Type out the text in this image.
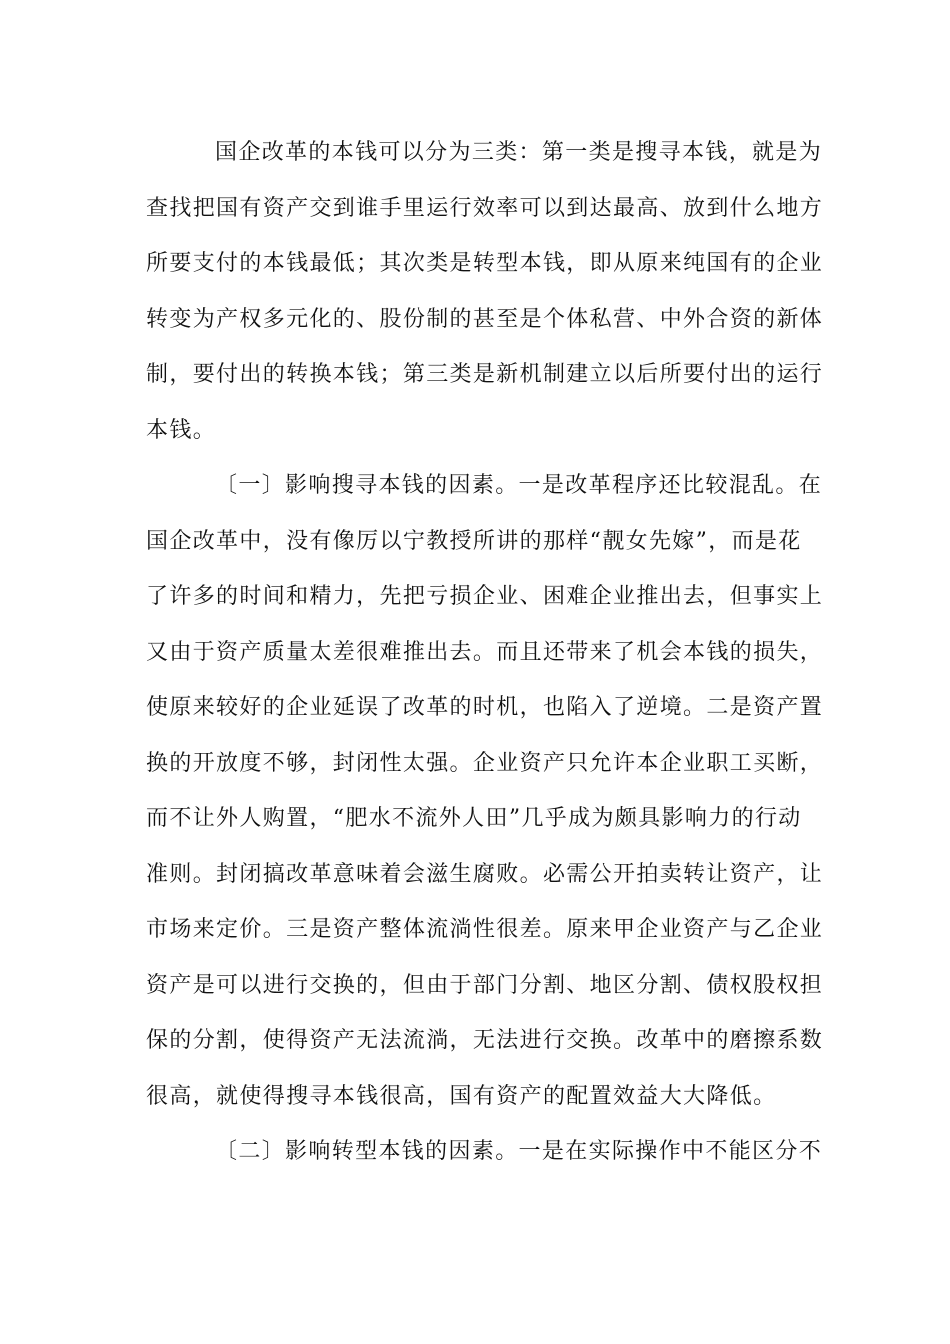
国企改革的本钱可以分为三类：第一类是搜寻本钱，就是为
查找把国有资产交到谁手里运行效率可以到达最高、放到什么地方
所要支付的本钱最低；其次类是转型本钱，即从原来纯国有的企业
转变为产权多元化的、股份制的甚至是个体私营、中外合资的新体
制，要付出的转换本钱；第三类是新机制建立以后所要付出的运行
本钱。
〔一〕影响搜寻本钱的因素。一是改革程序还比较混乱。在
国企改革中，没有像厉以宁教授所讲的那样“靓女先嫁”，而是花
了许多的时间和精力，先把亏损企业、困难企业推出去，但事实上
又由于资产质量太差很难推出去。而且还带来了机会本钱的损失，
使原来较好的企业延误了改革的时机，也陷入了逆境。二是资产置
换的开放度不够，封闭性太强。企业资产只允许本企业职工买断，
而不让外人购置，“肥水不流外人田”几乎成为颇具影响力的行动
准则。封闭搞改革意味着会滋生腐败。必需公开拍卖转让资产，让
市场来定价。三是资产整体流淌性很差。原来甲企业资产与乙企业
资产是可以进行交换的，但由于部门分割、地区分割、债权股权担
保的分割，使得资产无法流淌，无法进行交换。改革中的磨擦系数
很高，就使得搜寻本钱很高，国有资产的配置效益大大降低。
〔二〕影响转型本钱的因素。一是在实际操作中不能区分不
